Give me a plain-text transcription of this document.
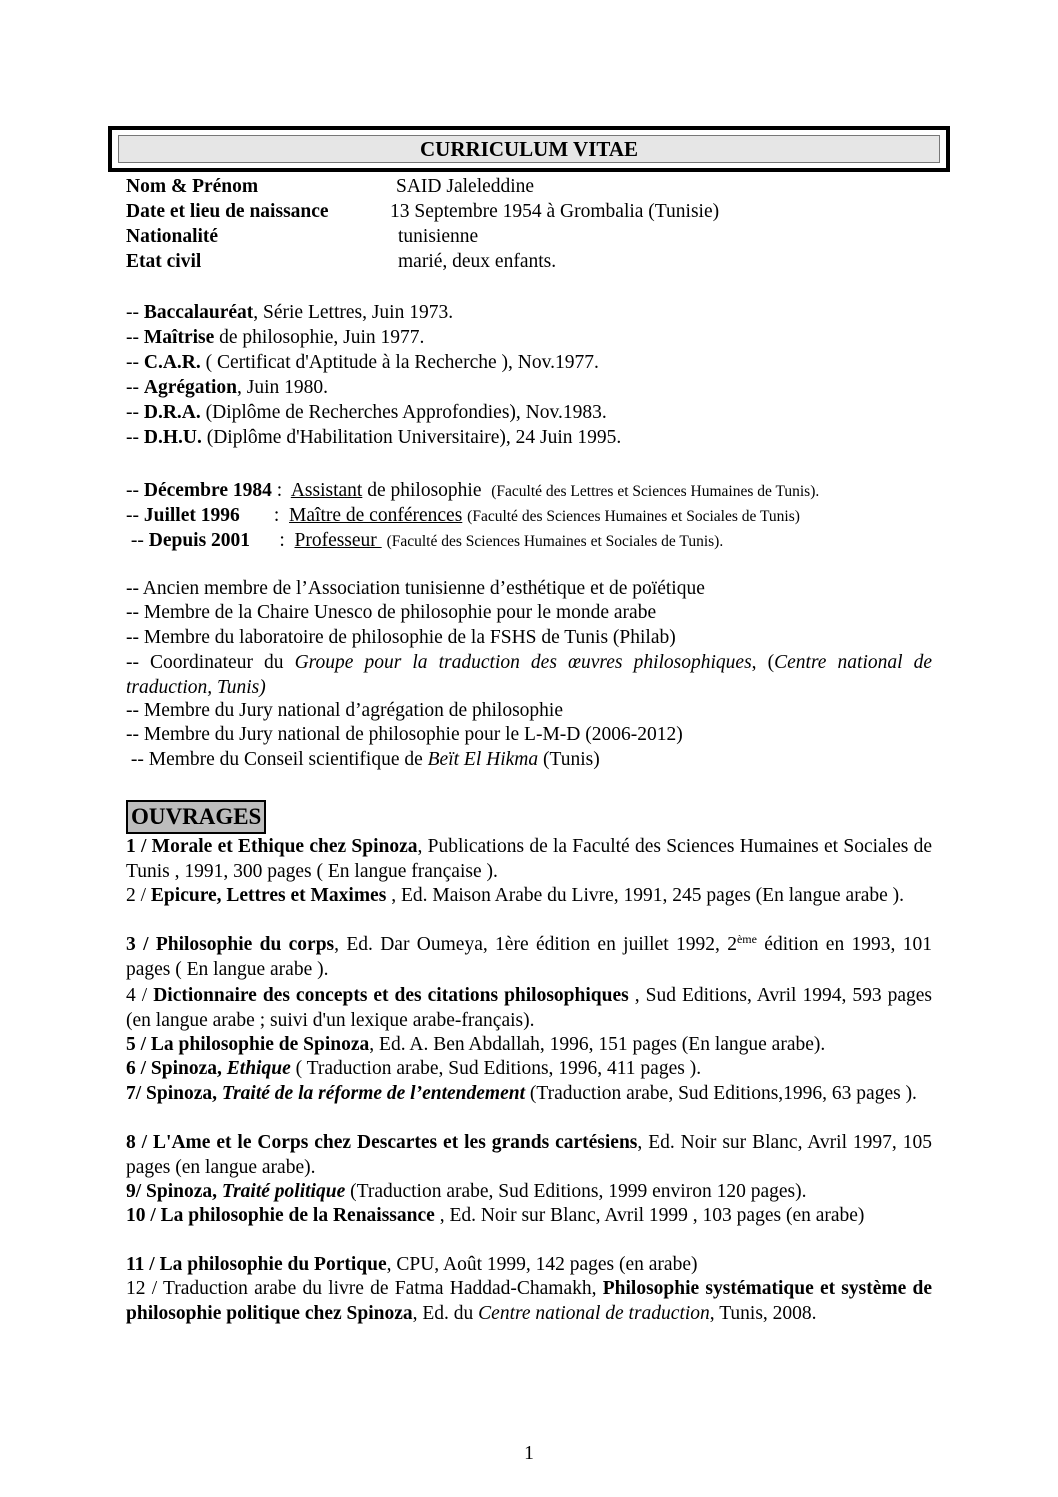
CURRICULUM VITAE
Nom & Prénom	SAID Jaleleddine
Date et lieu de naissance	13 Septembre 1954 à Grombalia (Tunisie)
Nationalité	tunisienne
Etat civil	marié, deux enfants.
-- Baccalauréat, Série Lettres, Juin 1973.
-- Maîtrise de philosophie, Juin 1977.
-- C.A.R. ( Certificat d'Aptitude à la Recherche ), Nov.1977.
-- Agrégation, Juin 1980.
-- D.R.A. (Diplôme de Recherches Approfondies), Nov.1983.
-- D.H.U. (Diplôme d'Habilitation Universitaire), 24 Juin 1995.
-- Décembre 1984 :  Assistant de philosophie  (Faculté des Lettres et Sciences Humaines de Tunis).
-- Juillet 1996       :  Maître de conférences (Faculté des Sciences Humaines et Sociales de Tunis)
-- Depuis 2001      :  Professeur  (Faculté des Sciences Humaines et Sociales de Tunis).
-- Ancien membre de l’Association tunisienne d’esthétique et de poïétique
-- Membre de la Chaire Unesco de philosophie pour le monde arabe
-- Membre du laboratoire de philosophie de la FSHS de Tunis (Philab)
-- Coordinateur du Groupe pour la traduction des œuvres philosophiques, (Centre national de traduction, Tunis)
-- Membre du Jury national d’agrégation de philosophie
-- Membre du Jury national de philosophie pour le L-M-D (2006-2012)
-- Membre du Conseil scientifique de Beït El Hikma (Tunis)
OUVRAGES
1 / Morale et Ethique chez Spinoza, Publications de la Faculté des Sciences Humaines et Sociales de Tunis , 1991, 300 pages ( En langue française ).
2 / Epicure, Lettres et Maximes , Ed. Maison Arabe du Livre, 1991, 245 pages (En langue arabe ).
3 / Philosophie du corps, Ed. Dar Oumeya, 1ère édition en juillet 1992, 2ème édition en 1993, 101 pages ( En langue arabe ).
4 / Dictionnaire des concepts et des citations philosophiques , Sud Editions, Avril 1994, 593 pages (en langue arabe ; suivi d'un lexique arabe-français).
5 / La philosophie de Spinoza, Ed. A. Ben Abdallah, 1996, 151 pages (En langue arabe).
6 / Spinoza, Ethique ( Traduction arabe, Sud Editions, 1996, 411 pages ).
7/ Spinoza, Traité de la réforme de l’entendement (Traduction arabe, Sud Editions,1996, 63 pages ).
8 / L'Ame et le Corps chez Descartes et les grands cartésiens, Ed. Noir sur Blanc, Avril 1997, 105 pages (en langue arabe).
9/ Spinoza, Traité politique (Traduction arabe, Sud Editions, 1999 environ 120 pages).
10 / La philosophie de la Renaissance , Ed. Noir sur Blanc, Avril 1999 , 103 pages (en arabe)
11 / La philosophie du Portique, CPU, Août 1999, 142 pages (en arabe)
12 / Traduction arabe du livre de Fatma Haddad-Chamakh, Philosophie systématique et système de philosophie politique chez Spinoza, Ed. du Centre national de traduction, Tunis, 2008.
1
